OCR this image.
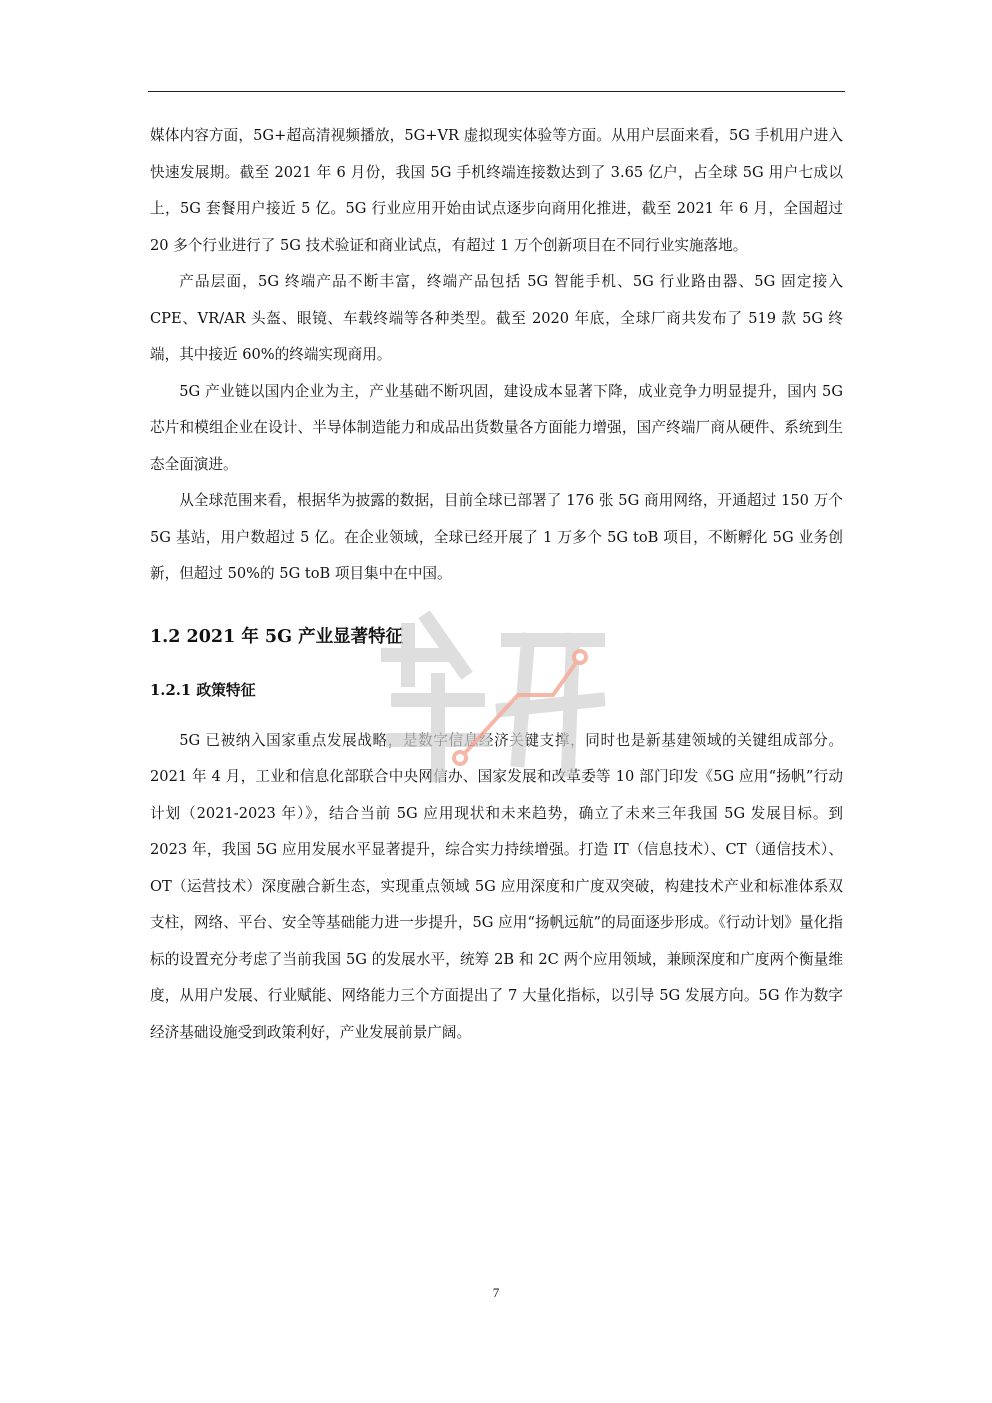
媒体内容方面，5G+超高清视频播放，5G+VR 虚拟现实体验等方面。从用户层面来看，5G 手机用户进入快速发展期。截至 2021 年 6 月份，我国 5G 手机终端连接数达到了 3.65 亿户，占全球 5G 用户七成以上，5G 套餐用户接近 5 亿。5G 行业应用开始由试点逐步向商用化推进，截至 2021 年 6 月，全国超过 20 多个行业进行了 5G 技术验证和商业试点，有超过 1 万个创新项目在不同行业实施落地。

产品层面，5G 终端产品不断丰富，终端产品包括 5G 智能手机、5G 行业路由器、5G 固定接入 CPE、VR/AR 头盔、眼镜、车载终端等各种类型。截至 2020 年底，全球厂商共发布了 519 款 5G 终端，其中接近 60%的终端实现商用。

5G 产业链以国内企业为主，产业基础不断巩固，建设成本显著下降，成业竞争力明显提升，国内 5G 芯片和模组企业在设计、半导体制造能力和成品出货数量各方面能力增强，国产终端厂商从硬件、系统到生态全面演进。

从全球范围来看，根据华为披露的数据，目前全球已部署了 176 张 5G 商用网络，开通超过 150 万个 5G 基站，用户数超过 5 亿。在企业领域，全球已经开展了 1 万多个 5G toB 项目，不断孵化 5G 业务创新，但超过 50%的 5G toB 项目集中在中国。

1.2 2021 年 5G 产业显著特征
1.2.1 政策特征

5G 已被纳入国家重点发展战略，是数字信息经济关键支撑，同时也是新基建领域的关键组成部分。2021 年 4 月，工业和信息化部联合中央网信办、国家发展和改革委等 10 部门印发《5G 应用“扬帆”行动计划（2021-2023 年）》，结合当前 5G 应用现状和未来趋势，确立了未来三年我国 5G 发展目标。到 2023 年，我国 5G 应用发展水平显著提升，综合实力持续增强。打造 IT（信息技术）、CT（通信技术）、OT（运营技术）深度融合新生态，实现重点领域 5G 应用深度和广度双突破，构建技术产业和标准体系双支柱，网络、平台、安全等基础能力进一步提升，5G 应用“扬帆远航”的局面逐步形成。《行动计划》量化指标的设置充分考虑了当前我国 5G 的发展水平，统筹 2B 和 2C 两个应用领域，兼顾深度和广度两个衡量维度，从用户发展、行业赋能、网络能力三个方面提出了 7 大量化指标，以引导 5G 发展方向。5G 作为数字经济基础设施受到政策利好，产业发展前景广阔。

7
